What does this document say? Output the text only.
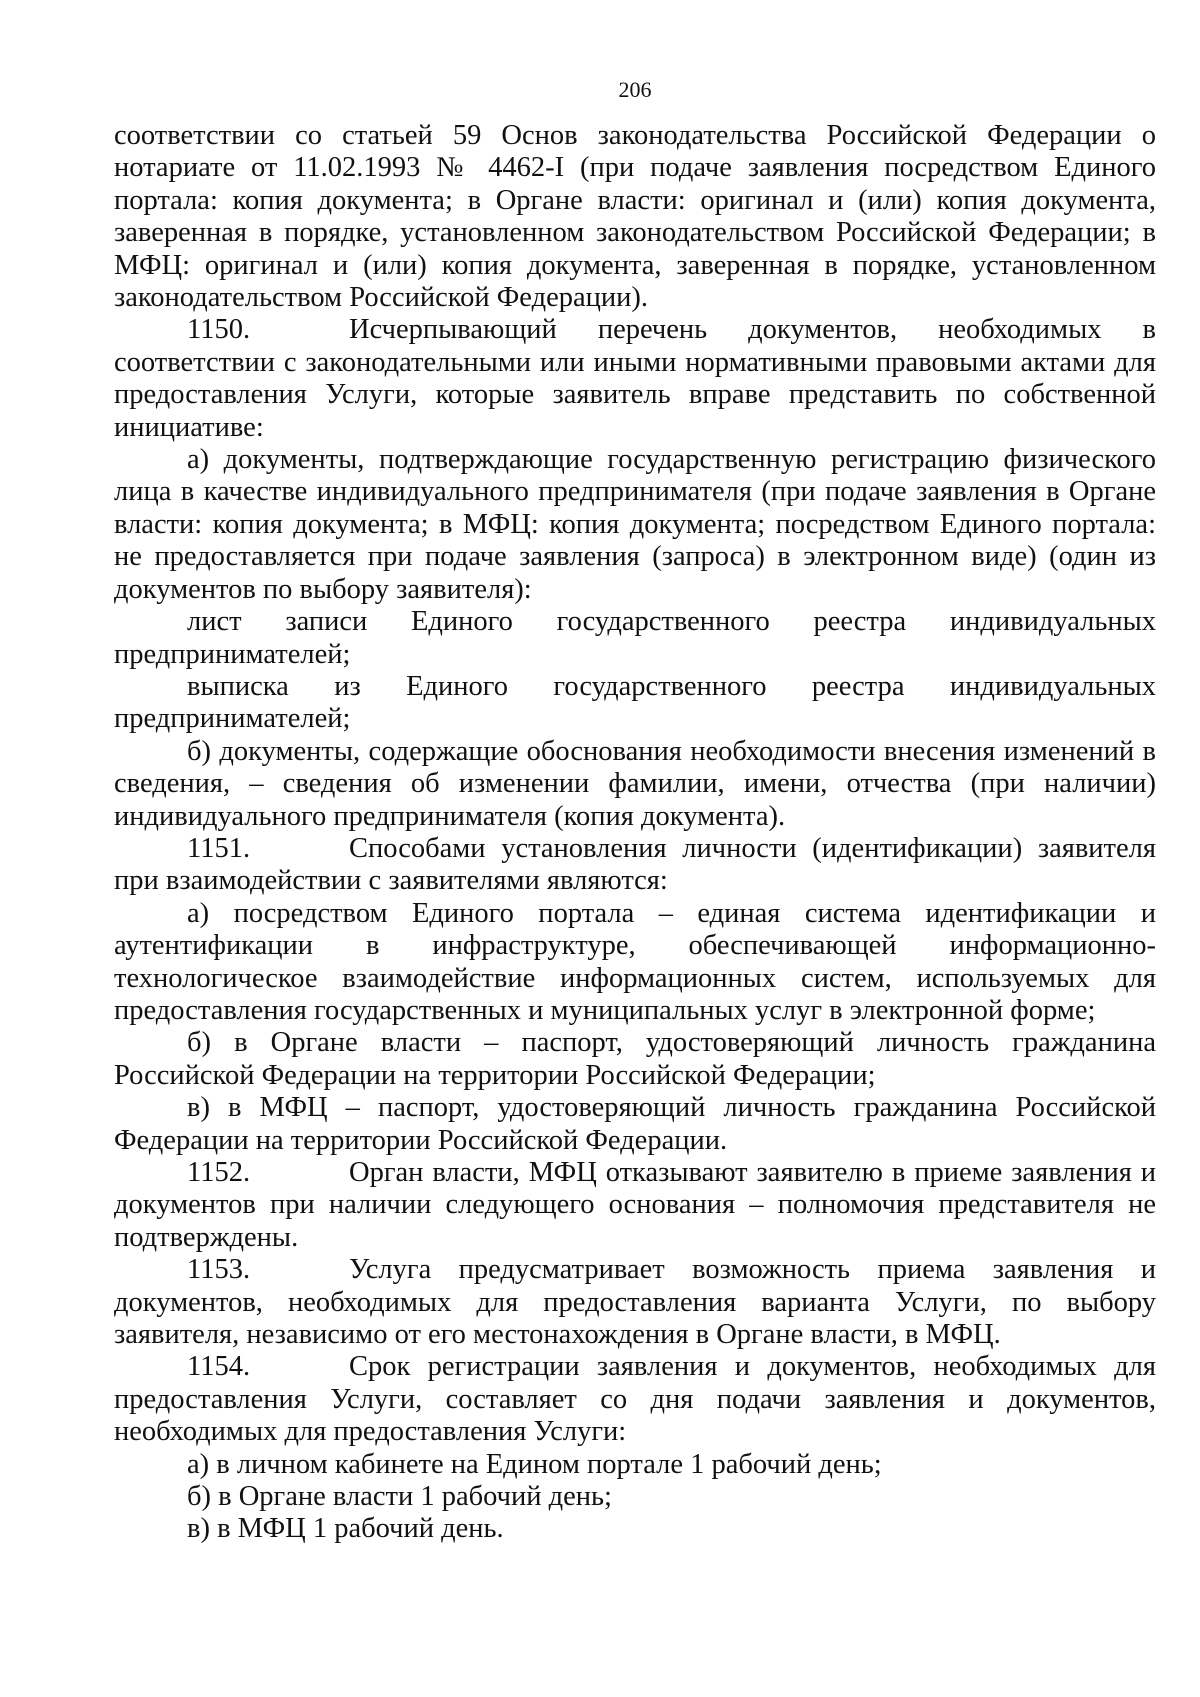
206

соответствии со статьей 59 Основ законодательства Российской Федерации о нотариате от 11.02.1993 № 4462-I (при подаче заявления посредством Единого портала: копия документа; в Органе власти: оригинал и (или) копия документа, заверенная в порядке, установленном законодательством Российской Федерации; в МФЦ: оригинал и (или) копия документа, заверенная в порядке, установленном законодательством Российской Федерации).

1150.	Исчерпывающий перечень документов, необходимых в соответствии с законодательными или иными нормативными правовыми актами для предоставления Услуги, которые заявитель вправе представить по собственной инициативе:

а) документы, подтверждающие государственную регистрацию физического лица в качестве индивидуального предпринимателя (при подаче заявления в Органе власти: копия документа; в МФЦ: копия документа; посредством Единого портала: не предоставляется при подаче заявления (запроса) в электронном виде) (один из документов по выбору заявителя):

лист записи Единого государственного реестра индивидуальных предпринимателей;

выписка из Единого государственного реестра индивидуальных предпринимателей;

б) документы, содержащие обоснования необходимости внесения изменений в сведения, – сведения об изменении фамилии, имени, отчества (при наличии) индивидуального предпринимателя (копия документа).

1151.	Способами установления личности (идентификации) заявителя при взаимодействии с заявителями являются:

а) посредством Единого портала – единая система идентификации и аутентификации в инфраструктуре, обеспечивающей информационно-технологическое взаимодействие информационных систем, используемых для предоставления государственных и муниципальных услуг в электронной форме;

б) в Органе власти – паспорт, удостоверяющий личность гражданина Российской Федерации на территории Российской Федерации;

в) в МФЦ – паспорт, удостоверяющий личность гражданина Российской Федерации на территории Российской Федерации.

1152.	Орган власти, МФЦ отказывают заявителю в приеме заявления и документов при наличии следующего основания – полномочия представителя не подтверждены.

1153.	Услуга предусматривает возможность приема заявления и документов, необходимых для предоставления варианта Услуги, по выбору заявителя, независимо от его местонахождения в Органе власти, в МФЦ.

1154.	Срок регистрации заявления и документов, необходимых для предоставления Услуги, составляет со дня подачи заявления и документов, необходимых для предоставления Услуги:

а) в личном кабинете на Едином портале 1 рабочий день;

б) в Органе власти 1 рабочий день;

в) в МФЦ 1 рабочий день.
